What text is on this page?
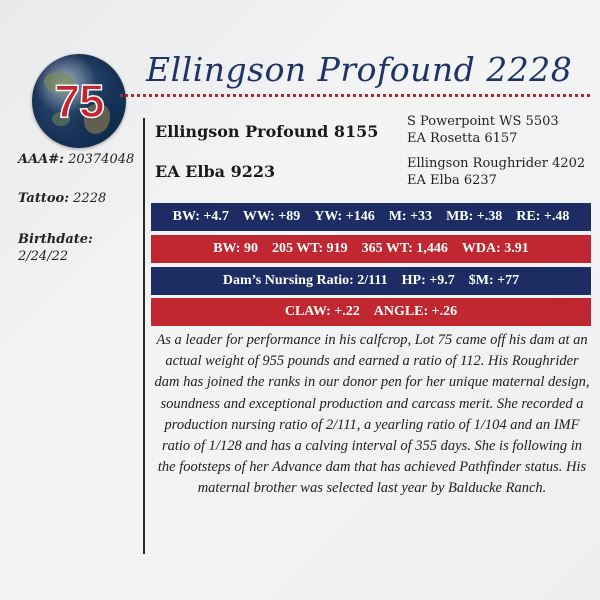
75
Ellingson Profound 2228
AAA#: 20374048
Tattoo: 2228
Birthdate:
2/24/22
Ellingson Profound 8155
EA Elba 9223
S Powerpoint WS 5503
EA Rosetta 6157
Ellingson Roughrider 4202
EA Elba 6237
BW: +4.7 WW: +89 YW: +146 M: +33 MB: +.38 RE: +.48
BW: 90 205 WT: 919 365 WT: 1,446 WDA: 3.91
Dam’s Nursing Ratio: 2/111 HP: +9.7 $M: +77
CLAW: +.22 ANGLE: +.26
As a leader for performance in his calfcrop, Lot 75 came off his dam at an actual weight of 955 pounds and earned a ratio of 112. His Roughrider dam has joined the ranks in our donor pen for her unique maternal design, soundness and exceptional production and carcass merit. She recorded a production nursing ratio of 2/111, a yearling ratio of 1/104 and an IMF ratio of 1/128 and has a calving interval of 355 days. She is following in the footsteps of her Advance dam that has achieved Pathfinder status. His maternal brother was selected last year by Balducke Ranch.
